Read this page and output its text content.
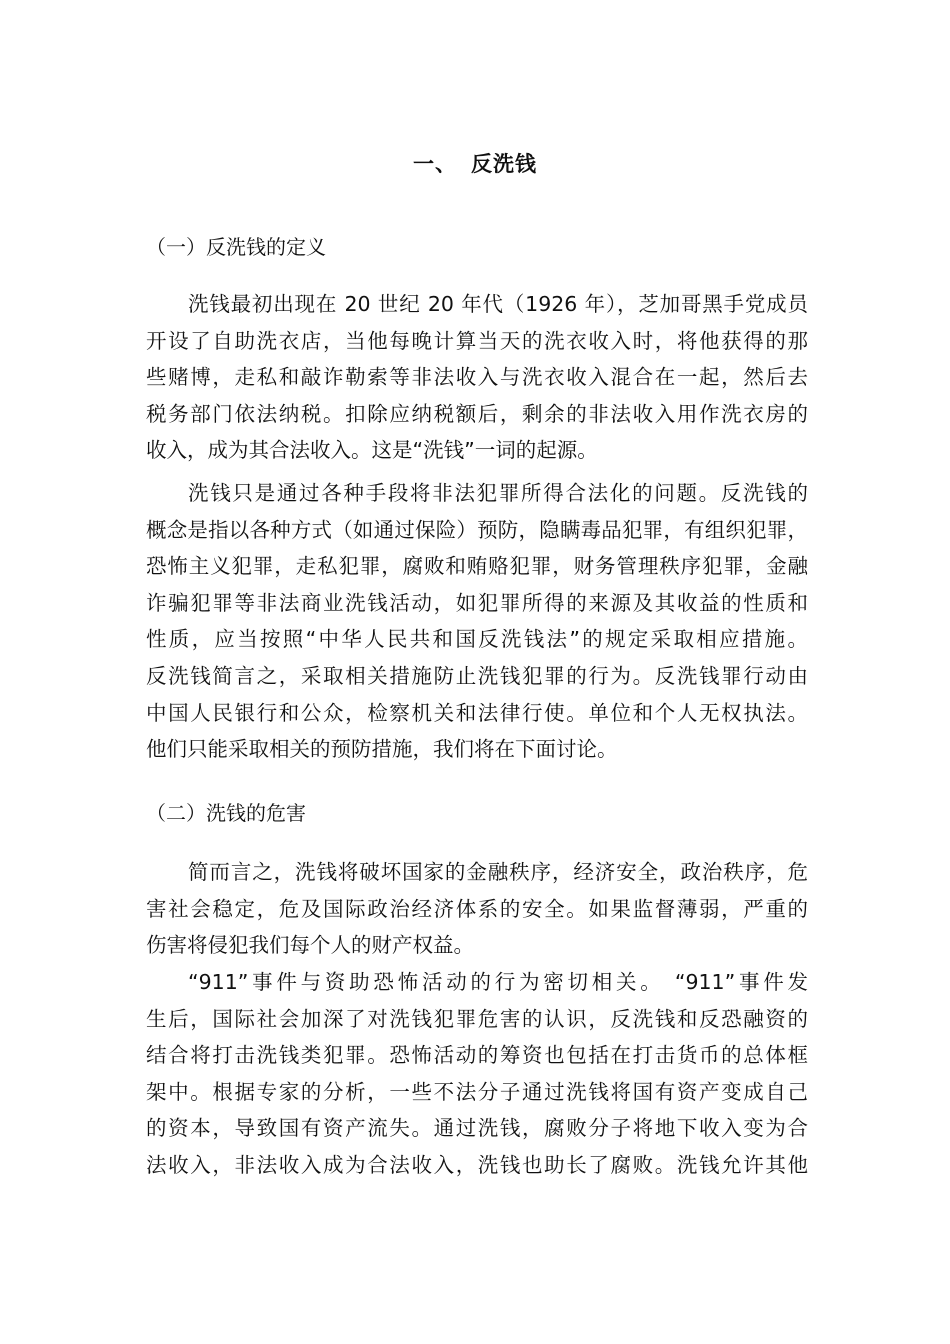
一、 反洗钱
（一）反洗钱的定义

洗钱最初出现在 20 世纪 20 年代（1926 年），芝加哥黑手党成员
开设了自助洗衣店，当他每晚计算当天的洗衣收入时，将他获得的那
些赌博，走私和敲诈勒索等非法收入与洗衣收入混合在一起，然后去
税务部门依法纳税。扣除应纳税额后，剩余的非法收入用作洗衣房的
收入，成为其合法收入。这是“洗钱”一词的起源。

洗钱只是通过各种手段将非法犯罪所得合法化的问题。反洗钱的
概念是指以各种方式（如通过保险）预防，隐瞒毒品犯罪，有组织犯罪，
恐怖主义犯罪，走私犯罪，腐败和贿赂犯罪，财务管理秩序犯罪，金融
诈骗犯罪等非法商业洗钱活动，如犯罪所得的来源及其收益的性质和
性质，应当按照“中华人民共和国反洗钱法”的规定采取相应措施。
反洗钱简言之，采取相关措施防止洗钱犯罪的行为。反洗钱罪行动由
中国人民银行和公众，检察机关和法律行使。单位和个人无权执法。
他们只能采取相关的预防措施，我们将在下面讨论。

（二）洗钱的危害

简而言之，洗钱将破坏国家的金融秩序，经济安全，政治秩序，危
害社会稳定，危及国际政治经济体系的安全。如果监督薄弱，严重的
伤害将侵犯我们每个人的财产权益。

“911”事件与资助恐怖活动的行为密切相关。 “911”事件发
生后，国际社会加深了对洗钱犯罪危害的认识，反洗钱和反恐融资的
结合将打击洗钱类犯罪。恐怖活动的筹资也包括在打击货币的总体框
架中。根据专家的分析，一些不法分子通过洗钱将国有资产变成自己
的资本，导致国有资产流失。通过洗钱，腐败分子将地下收入变为合
法收入，非法收入成为合法收入，洗钱也助长了腐败。洗钱允许其他
